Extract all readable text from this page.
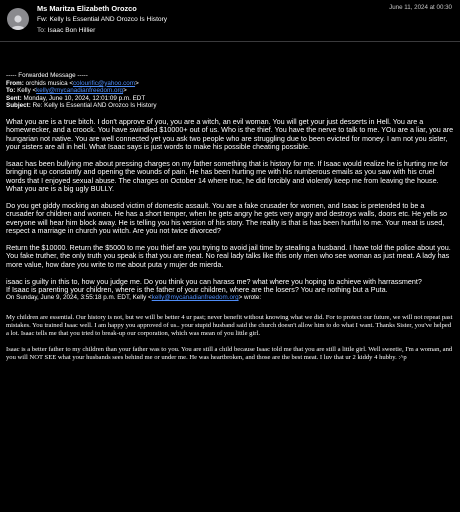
Ms Maritza Elizabeth Orozco
Fw: Kelly Is Essential AND Orozco Is History
To: Isaac Bon Hillier
June 11, 2024 at 00:30
----- Forwarded Message -----
From: orchids musica <colourific@yahoo.com>
To: Kelly <kelly@mycanadianfreedom.org>
Sent: Monday, June 10, 2024, 12:01:09 p.m. EDT
Subject: Re: Kelly Is Essential AND Orozco Is History

What you are is a true bitch. I don't approve of you, you are a witch, an evil woman. You will get your just desserts in Hell. You are a homewrecker, and a croock. You have swindled $10000+ out of us. Who is the thief. You have the nerve to talk to me. YOu are a liar, you are hungarian not native. You are well connected yet you ask two people who are struggling due to been evicted for money. I am not you sister, your sisters are all in hell. What Isaac says is just words to make his possible cheating possible.

Isaac has been bullying me about pressing charges on my father something that is history for me. If Isaac would realize he is hurting me for bringing it up constantly and opening the wounds of pain. He has been hurting me with his numberous emails as you saw with his cruel words that I enjoyed sexual abuse. The charges on October 14 where true, he did forcibly and violently keep me from leaving the house. What you are is a big ugly BULLY.

Do you get giddy mocking an abused victim of domestic assault. You are a fake crusader for women, and Isaac is pretended to be a crusader for children and women. He has a short temper, when he gets angry he gets very angry and destroys walls, doors etc. He yells so everyone will hear him block away. He is telling you his version of his story. The reality is that is has been hurtful to me. Your meat is used, respect a marriage in church you witch. Are you not twice divorced?

Return the $10000. Return the $5000 to me you thief are you trying to avoid jail time by stealing a husband. I have told the police about you. You fake truther, the only truth you speak is that you are meat. No real lady talks like this only men who see woman as just meat. A lady has more value, how dare you write to me about puta y mujer de mierda.

isaac is guilty in this to, how you judge me. Do you think you can harass me? what where you hoping to achieve with harrassment?

If Isaac is parenting your children, where is the father of your children, where are the losers? You are nothing but a Puta.

On Sunday, June 9, 2024, 3:55:18 p.m. EDT, Kelly <kelly@mycanadianfreedom.org> wrote:

My children are essential. Our history is not, but we will be better 4 ur past; never benefit without knowing what we did. For to protect our future, we will not repeat past mistakes. You trained Isaac well. I am happy you approved of us.. your stupid husband said the church doesn't allow him to do what I want. Thanks Sister, you've helped a lot. Isaac tells me that you tried to break-up our corporation, which was mean of you little girl.

Isaac is a better father to my children than your father was to you. You are still a child because Isaac told me that you are still a little girl. Well sweetie, I'm a woman, and you will NOT SEE what your husbands sees behind me or under me. He was heartbroken, and those are the best meat. I luv that ur 2 kiddy 4 hubby. :^p
